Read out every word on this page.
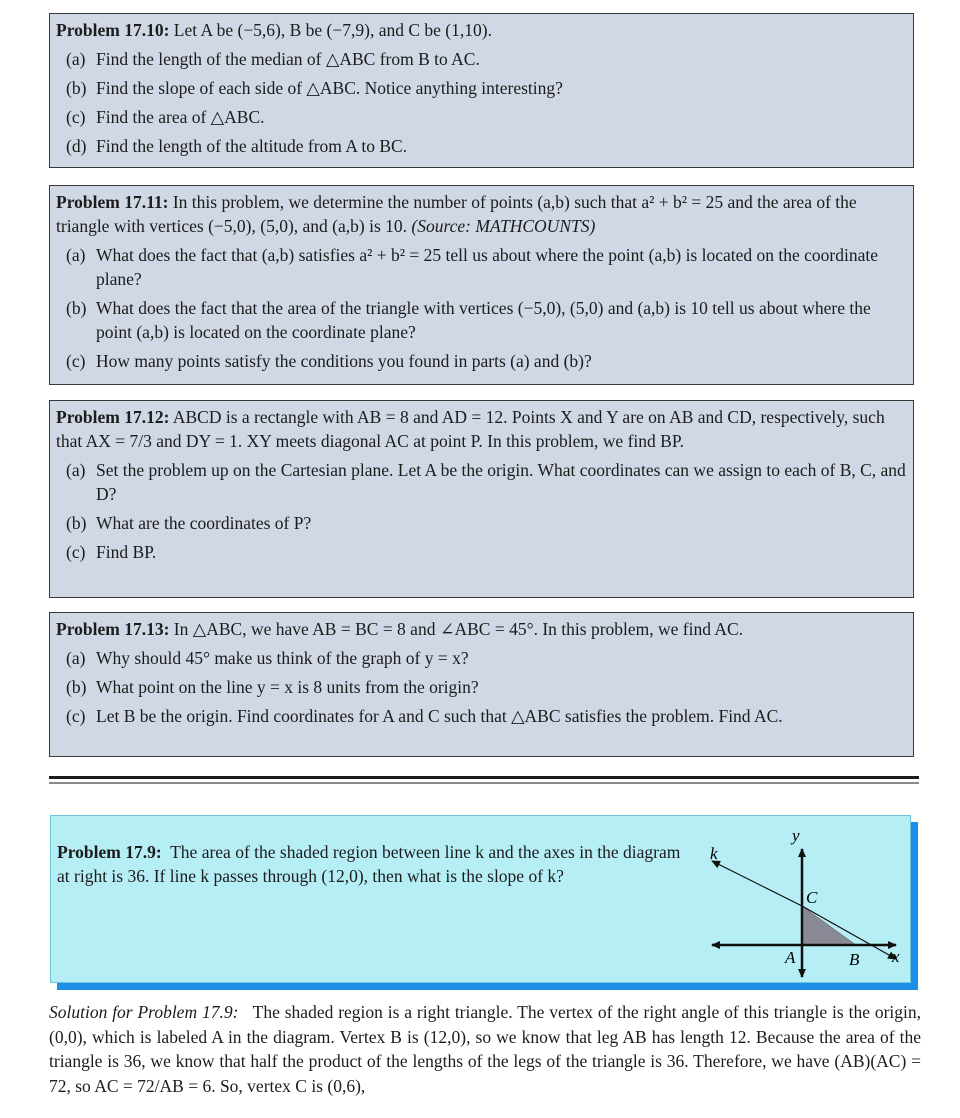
Problem 17.10: Let A be (−5,6), B be (−7,9), and C be (1,10).

(a) Find the length of the median of △ABC from B to AC.
(b) Find the slope of each side of △ABC. Notice anything interesting?
(c) Find the area of △ABC.
(d) Find the length of the altitude from A to BC.

Problem 17.11: In this problem, we determine the number of points (a,b) such that a² + b² = 25 and the area of the triangle with vertices (−5,0), (5,0), and (a,b) is 10. (Source: MATHCOUNTS)

(a) What does the fact that (a,b) satisfies a² + b² = 25 tell us about where the point (a,b) is located on the coordinate plane?
(b) What does the fact that the area of the triangle with vertices (−5,0), (5,0) and (a,b) is 10 tell us about where the point (a,b) is located on the coordinate plane?
(c) How many points satisfy the conditions you found in parts (a) and (b)?

Problem 17.12: ABCD is a rectangle with AB = 8 and AD = 12. Points X and Y are on AB and CD, respectively, such that AX = 7/3 and DY = 1. XY meets diagonal AC at point P. In this problem, we find BP.

(a) Set the problem up on the Cartesian plane. Let A be the origin. What coordinates can we assign to each of B, C, and D?
(b) What are the coordinates of P?
(c) Find BP.

Problem 17.13: In △ABC, we have AB = BC = 8 and ∠ABC = 45°. In this problem, we find AC.

(a) Why should 45° make us think of the graph of y = x?
(b) What point on the line y = x is 8 units from the origin?
(c) Let B be the origin. Find coordinates for A and C such that △ABC satisfies the problem. Find AC.

Problem 17.9: The area of the shaded region between line k and the axes in the diagram at right is 36. If line k passes through (12,0), then what is the slope of k?

y
k
C
A	B x
Solution for Problem 17.9: The shaded region is a right triangle. The vertex of the right angle of this triangle is the origin, (0,0), which is labeled A in the diagram. Vertex B is (12,0), so we know that leg AB has length 12. Because the area of the triangle is 36, we know that half the product of the lengths of the legs of the triangle is 36. Therefore, we have (AB)(AC) = 72, so AC = 72/AB = 6. So, vertex C is (0,6),
